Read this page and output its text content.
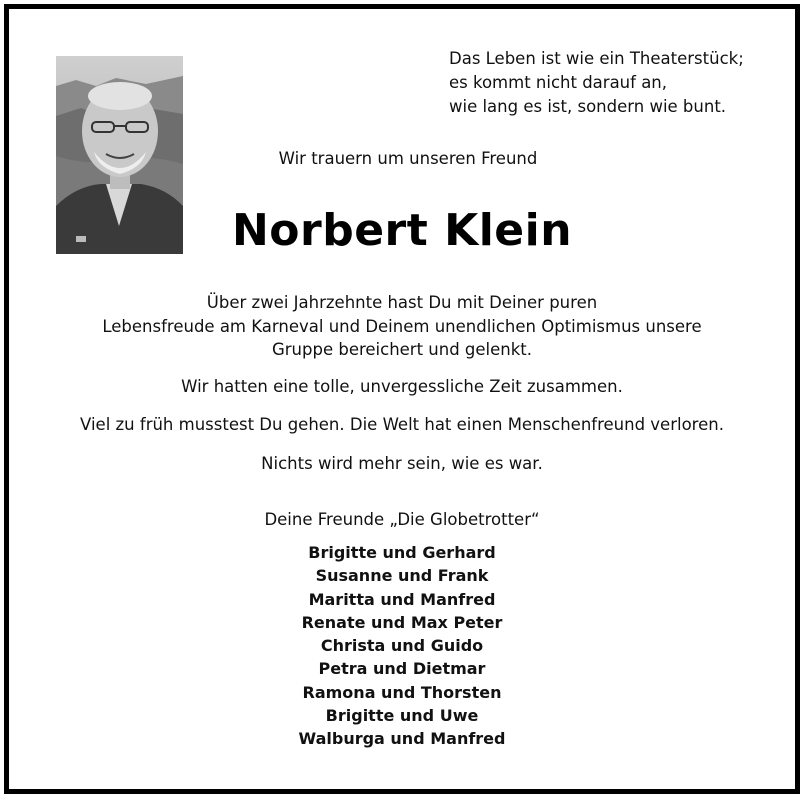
Das Leben ist wie ein Theaterstück;
es kommt nicht darauf an,
wie lang es ist, sondern wie bunt.
Wir trauern um unseren Freund
Norbert Klein
Über zwei Jahrzehnte hast Du mit Deiner puren
Lebensfreude am Karneval und Deinem unendlichen Optimismus unsere
Gruppe bereichert und gelenkt.
Wir hatten eine tolle, unvergessliche Zeit zusammen.
Viel zu früh musstest Du gehen. Die Welt hat einen Menschenfreund verloren.
Nichts wird mehr sein, wie es war.
Deine Freunde „Die Globetrotter“
Brigitte und Gerhard
Susanne und Frank
Maritta und Manfred
Renate und Max Peter
Christa und Guido
Petra und Dietmar
Ramona und Thorsten
Brigitte und Uwe
Walburga und Manfred
